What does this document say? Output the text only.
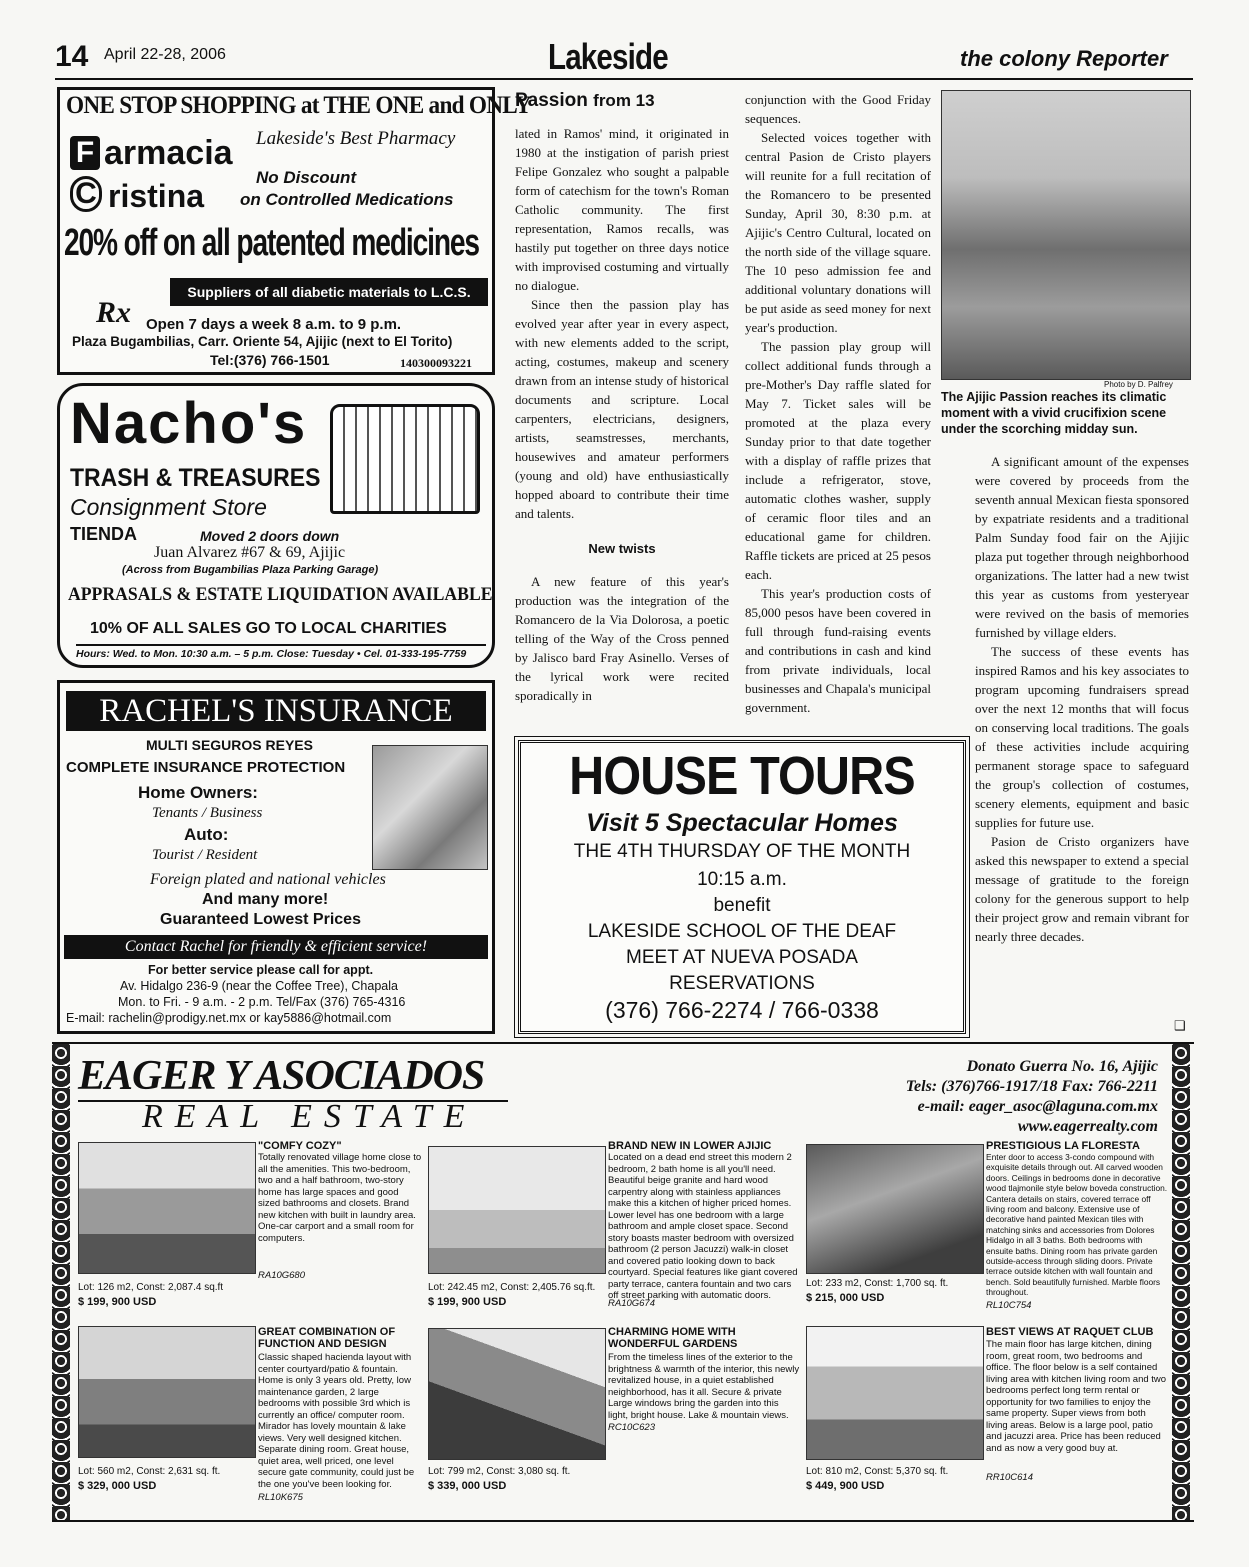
14 April 22-28, 2006	Lakeside	the colony Reporter
ONE STOP SHOPPING at THE ONE and ONLY
F armacia
C ristina
Lakeside's Best Pharmacy
No Discount
on Controlled Medications
20% off on all patented medicines
Suppliers of all diabetic materials to L.C.S.
Rx Open 7 days a week 8 a.m. to 9 p.m.
Plaza Bugambilias, Carr. Oriente 54, Ajijic (next to El Torito)
Tel:(376) 766-1501	140300093221
Nacho's
TRASH & TREASURES
Consignment Store
TIENDA	Moved 2 doors down
Juan Alvarez #67 & 69, Ajijic
(Across from Bugambilias Plaza Parking Garage)
APPRASALS & ESTATE LIQUIDATION AVAILABLE
10% OF ALL SALES GO TO LOCAL CHARITIES
Hours: Wed. to Mon. 10:30 a.m. – 5 p.m. Close: Tuesday • Cel. 01-333-195-7759
RACHEL'S INSURANCE
MULTI SEGUROS REYES
COMPLETE INSURANCE PROTECTION
Home Owners:
Tenants / Business
Auto:
Tourist / Resident
Foreign plated and national vehicles
And many more!
Guaranteed Lowest Prices
Contact Rachel for friendly & efficient service!
For better service please call for appt.
Av. Hidalgo 236-9 (near the Coffee Tree), Chapala
Mon. to Fri. - 9 a.m. - 2 p.m. Tel/Fax (376) 765-4316
E-mail: rachelin@prodigy.net.mx or kay5886@hotmail.com
Passion from 13

lated in Ramos' mind, it originated in 1980 at the instigation of parish priest Felipe Gonzalez who sought a palpable form of catechism for the town's Roman Catholic community. The first representation, Ramos recalls, was hastily put together on three days notice with improvised costuming and virtually no dialogue.

Since then the passion play has evolved year after year in every aspect, with new elements added to the script, acting, costumes, makeup and scenery drawn from an intense study of historical documents and scripture. Local carpenters, electricians, designers, artists, seamstresses, merchants, housewives and amateur performers (young and old) have enthusiastically hopped aboard to contribute their time and talents.

New twists

A new feature of this year's production was the integration of the Romancero de la Via Dolorosa, a poetic telling of the Way of the Cross penned by Jalisco bard Fray Asinello. Verses of the lyrical work were recited sporadically in

conjunction with the Good Friday sequences.

Selected voices together with central Pasion de Cristo players will reunite for a full recitation of the Romancero to be presented Sunday, April 30, 8:30 p.m. at Ajijic's Centro Cultural, located on the north side of the village square. The 10 peso admission fee and additional voluntary donations will be put aside as seed money for next year's production.

The passion play group will collect additional funds through a pre-Mother's Day raffle slated for May 7. Ticket sales will be promoted at the plaza every Sunday prior to that date together with a display of raffle prizes that include a refrigerator, stove, automatic clothes washer, supply of ceramic floor tiles and an educational game for children. Raffle tickets are priced at 25 pesos each.

This year's production costs of 85,000 pesos have been covered in full through fund-raising events and contributions in cash and kind from private individuals, local businesses and Chapala's municipal government.

Photo by D. Palfrey
The Ajijic Passion reaches its climatic moment with a vivid crucifixion scene under the scorching midday sun.

A significant amount of the expenses were covered by proceeds from the seventh annual Mexican fiesta sponsored by expatriate residents and a traditional Palm Sunday food fair on the Ajijic plaza put together through neighborhood organizations. The latter had a new twist this year as customs from yesteryear were revived on the basis of memories furnished by village elders.

The success of these events has inspired Ramos and his key associates to program upcoming fundraisers spread over the next 12 months that will focus on conserving local traditions. The goals of these activities include acquiring permanent storage space to safeguard the group's collection of costumes, scenery elements, equipment and basic supplies for future use.

Pasion de Cristo organizers have asked this newspaper to extend a special message of gratitude to the foreign colony for the generous support to help their project grow and remain vibrant for nearly three decades.

❑
HOUSE TOURS
Visit 5 Spectacular Homes
THE 4TH THURSDAY OF THE MONTH
10:15 a.m.
benefit
LAKESIDE SCHOOL OF THE DEAF
MEET AT NUEVA POSADA
RESERVATIONS
(376) 766-2274 / 766-0338
EAGER Y ASOCIADOS
REAL ESTATE
Donato Guerra No. 16, Ajijic
Tels: (376)766-1917/18 Fax: 766-2211
e-mail: eager_asoc@laguna.com.mx
www.eagerrealty.com
"COMFY COZY"
Totally renovated village home close to all the amenities. This two-bedroom, two and a half bathroom, two-story home has large spaces and good sized bathrooms and closets. Brand new kitchen with built in laundry area. One-car carport and a small room for computers.
RA10G680
Lot: 126 m2, Const: 2,087.4 sq.ft
$ 199, 900 USD
BRAND NEW IN LOWER AJIJIC
Located on a dead end street this modern 2 bedroom, 2 bath home is all you'll need. Beautiful beige granite and hard wood carpentry along with stainless appliances make this a kitchen of higher priced homes. Lower level has one bedroom with a large bathroom and ample closet space. Second story boasts master bedroom with oversized bathroom (2 person Jacuzzi) walk-in closet and covered patio looking down to back courtyard. Special features like giant covered party terrace, cantera fountain and two cars off street parking with automatic doors.
RA10G674
Lot: 242.45 m2, Const: 2,405.76 sq.ft.
$ 199, 900 USD
PRESTIGIOUS LA FLORESTA
Enter door to access 3-condo compound with exquisite details through out. All carved wooden doors. Ceilings in bedrooms done in decorative wood tlajmonile style below boveda construction. Cantera details on stairs, covered terrace off living room and balcony. Extensive use of decorative hand painted Mexican tiles with matching sinks and accessories from Dolores Hidalgo in all 3 baths. Both bedrooms with ensuite baths. Dining room has private garden outside-access through sliding doors. Private terrace outside kitchen with wall fountain and bench. Sold beautifully furnished. Marble floors throughout.
RL10C754
Lot: 233 m2, Const: 1,700 sq. ft.
$ 215, 000 USD
GREAT COMBINATION OF FUNCTION AND DESIGN
Classic shaped hacienda layout with center courtyard/patio & fountain. Home is only 3 years old. Pretty, low maintenance garden, 2 large bedrooms with possible 3rd which is currently an office/ computer room. Mirador has lovely mountain & lake views. Very well designed kitchen. Separate dining room. Great house, quiet area, well priced, one level secure gate community, could just be the one you've been looking for.
RL10K675
Lot: 560 m2, Const: 2,631 sq. ft.
$ 329, 000 USD
CHARMING HOME WITH WONDERFUL GARDENS
From the timeless lines of the exterior to the brightness & warmth of the interior, this newly revitalized house, in a quiet established neighborhood, has it all. Secure & private Large windows bring the garden into this light, bright house. Lake & mountain views.
RC10C623
Lot: 799 m2, Const: 3,080 sq. ft.
$ 339, 000 USD
BEST VIEWS AT RAQUET CLUB
The main floor has large kitchen, dining room, great room, two bedrooms and office. The floor below is a self contained living area with kitchen living room and two bedrooms perfect long term rental or opportunity for two families to enjoy the same property. Super views from both living areas. Below is a large pool, patio and jacuzzi area. Price has been reduced and as now a very good buy at.
RR10C614
Lot: 810 m2, Const: 5,370 sq. ft.
$ 449, 900 USD
